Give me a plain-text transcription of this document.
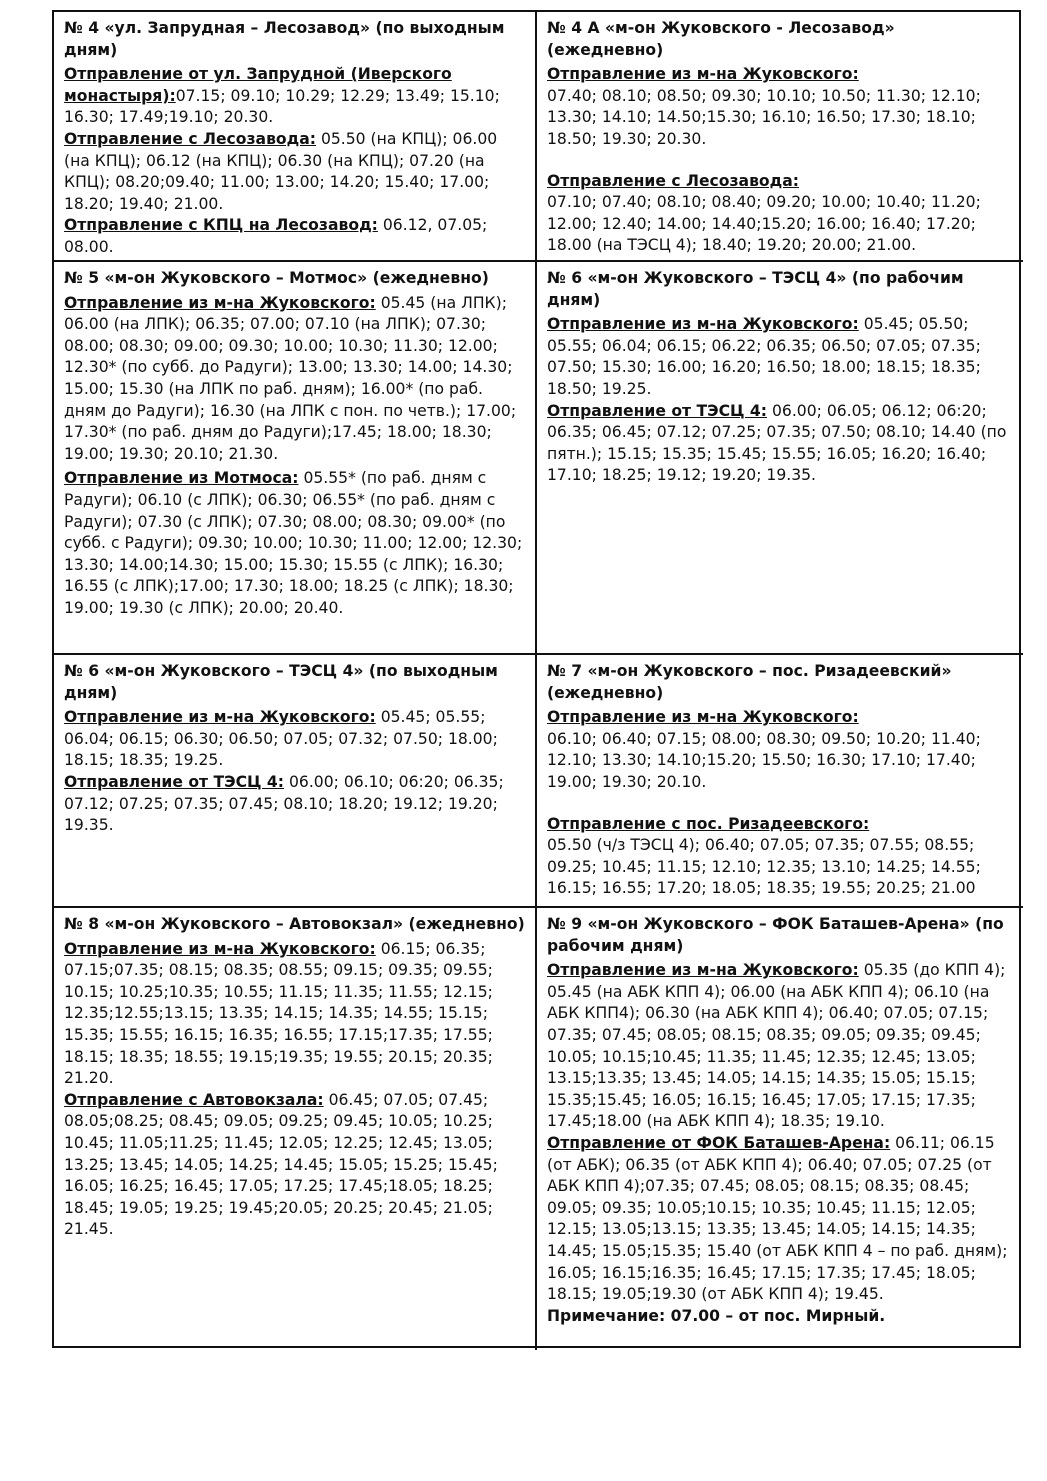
№ 4 «ул. Запрудная – Лесозавод» (по выходным дням)

Отправление от ул. Запрудной (Иверского монастыря):07.15; 09.10; 10.29; 12.29; 13.49; 15.10; 16.30; 17.49;19.10; 20.30.

Отправление с Лесозавода: 05.50 (на КПЦ); 06.00 (на КПЦ); 06.12 (на КПЦ); 06.30 (на КПЦ); 07.20 (на КПЦ); 08.20;09.40; 11.00; 13.00; 14.20; 15.40; 17.00; 18.20; 19.40; 21.00.

Отправление с КПЦ на Лесозавод: 06.12, 07.05; 08.00.

№ 4 А «м-он Жуковского - Лесозавод» (ежедневно)

Отправление из м-на Жуковского:
07.40; 08.10; 08.50; 09.30; 10.10; 10.50; 11.30; 12.10; 13.30; 14.10; 14.50;15.30; 16.10; 16.50; 17.30; 18.10; 18.50; 19.30; 20.30.

Отправление с Лесозавода:
07.10; 07.40; 08.10; 08.40; 09.20; 10.00; 10.40; 11.20; 12.00; 12.40; 14.00; 14.40;15.20; 16.00; 16.40; 17.20; 18.00 (на ТЭСЦ 4); 18.40; 19.20; 20.00; 21.00.

№ 5 «м-он Жуковского – Мотмос» (ежедневно)

Отправление из м-на Жуковского: 05.45 (на ЛПК); 06.00 (на ЛПК); 06.35; 07.00; 07.10 (на ЛПК); 07.30; 08.00; 08.30; 09.00; 09.30; 10.00; 10.30; 11.30; 12.00; 12.30* (по субб. до Радуги); 13.00; 13.30; 14.00; 14.30; 15.00; 15.30 (на ЛПК по раб. дням); 16.00* (по раб. дням до Радуги); 16.30 (на ЛПК с пон. по четв.); 17.00; 17.30* (по раб. дням до Радуги);17.45; 18.00; 18.30; 19.00; 19.30; 20.10; 21.30.

Отправление из Мотмоса: 05.55* (по раб. дням с Радуги); 06.10 (с ЛПК); 06.30; 06.55* (по раб. дням с Радуги); 07.30 (с ЛПК); 07.30; 08.00; 08.30; 09.00* (по субб. с Радуги); 09.30; 10.00; 10.30; 11.00; 12.00; 12.30; 13.30; 14.00;14.30; 15.00; 15.30; 15.55 (с ЛПК); 16.30; 16.55 (с ЛПК);17.00; 17.30; 18.00; 18.25 (с ЛПК); 18.30; 19.00; 19.30 (с ЛПК); 20.00; 20.40.

№ 6 «м-он Жуковского – ТЭСЦ 4» (по рабочим дням)

Отправление из м-на Жуковского: 05.45; 05.50; 05.55; 06.04; 06.15; 06.22; 06.35; 06.50; 07.05; 07.35; 07.50; 15.30; 16.00; 16.20; 16.50; 18.00; 18.15; 18.35; 18.50; 19.25.

Отправление от ТЭСЦ 4: 06.00; 06.05; 06.12; 06:20; 06.35; 06.45; 07.12; 07.25; 07.35; 07.50; 08.10; 14.40 (по пятн.); 15.15; 15.35; 15.45; 15.55; 16.05; 16.20; 16.40; 17.10; 18.25; 19.12; 19.20; 19.35.

№ 6 «м-он Жуковского – ТЭСЦ 4» (по выходным дням)

Отправление из м-на Жуковского: 05.45; 05.55; 06.04; 06.15; 06.30; 06.50; 07.05; 07.32; 07.50; 18.00; 18.15; 18.35; 19.25.

Отправление от ТЭСЦ 4: 06.00; 06.10; 06:20; 06.35; 07.12; 07.25; 07.35; 07.45; 08.10; 18.20; 19.12; 19.20; 19.35.

№ 7 «м-он Жуковского – пос. Ризадеевский» (ежедневно)

Отправление из м-на Жуковского:
06.10; 06.40; 07.15; 08.00; 08.30; 09.50; 10.20; 11.40; 12.10; 13.30; 14.10;15.20; 15.50; 16.30; 17.10; 17.40; 19.00; 19.30; 20.10.

Отправление с пос. Ризадеевского:
05.50 (ч/з ТЭСЦ 4); 06.40; 07.05; 07.35; 07.55; 08.55; 09.25; 10.45; 11.15; 12.10; 12.35; 13.10; 14.25; 14.55; 16.15; 16.55; 17.20; 18.05; 18.35; 19.55; 20.25; 21.00

№ 8 «м-он Жуковского – Автовокзал» (ежедневно)

Отправление из м-на Жуковского: 06.15; 06.35; 07.15;07.35; 08.15; 08.35; 08.55; 09.15; 09.35; 09.55; 10.15; 10.25;10.35; 10.55; 11.15; 11.35; 11.55; 12.15; 12.35;12.55;13.15; 13.35; 14.15; 14.35; 14.55; 15.15; 15.35; 15.55; 16.15; 16.35; 16.55; 17.15;17.35; 17.55; 18.15; 18.35; 18.55; 19.15;19.35; 19.55; 20.15; 20.35; 21.20.

Отправление с Автовокзала: 06.45; 07.05; 07.45; 08.05;08.25; 08.45; 09.05; 09.25; 09.45; 10.05; 10.25; 10.45; 11.05;11.25; 11.45; 12.05; 12.25; 12.45; 13.05; 13.25; 13.45; 14.05; 14.25; 14.45; 15.05; 15.25; 15.45; 16.05; 16.25; 16.45; 17.05; 17.25; 17.45;18.05; 18.25; 18.45; 19.05; 19.25; 19.45;20.05; 20.25; 20.45; 21.05; 21.45.

№ 9 «м-он Жуковского – ФОК Баташев-Арена» (по рабочим дням)

Отправление из м-на Жуковского: 05.35 (до КПП 4); 05.45 (на АБК КПП 4); 06.00 (на АБК КПП 4); 06.10 (на АБК КПП4); 06.30 (на АБК КПП 4); 06.40; 07.05; 07.15; 07.35; 07.45; 08.05; 08.15; 08.35; 09.05; 09.35; 09.45; 10.05; 10.15;10.45; 11.35; 11.45; 12.35; 12.45; 13.05; 13.15;13.35; 13.45; 14.05; 14.15; 14.35; 15.05; 15.15; 15.35;15.45; 16.05; 16.15; 16.45; 17.05; 17.15; 17.35; 17.45;18.00 (на АБК КПП 4); 18.35; 19.10.

Отправление от ФОК Баташев-Арена: 06.11; 06.15 (от АБК); 06.35 (от АБК КПП 4); 06.40; 07.05; 07.25 (от АБК КПП 4);07.35; 07.45; 08.05; 08.15; 08.35; 08.45; 09.05; 09.35; 10.05;10.15; 10.35; 10.45; 11.15; 12.05; 12.15; 13.05;13.15; 13.35; 13.45; 14.05; 14.15; 14.35; 14.45; 15.05;15.35; 15.40 (от АБК КПП 4 – по раб. дням); 16.05; 16.15;16.35; 16.45; 17.15; 17.35; 17.45; 18.05; 18.15; 19.05;19.30 (от АБК КПП 4); 19.45.

Примечание: 07.00 – от пос. Мирный.
